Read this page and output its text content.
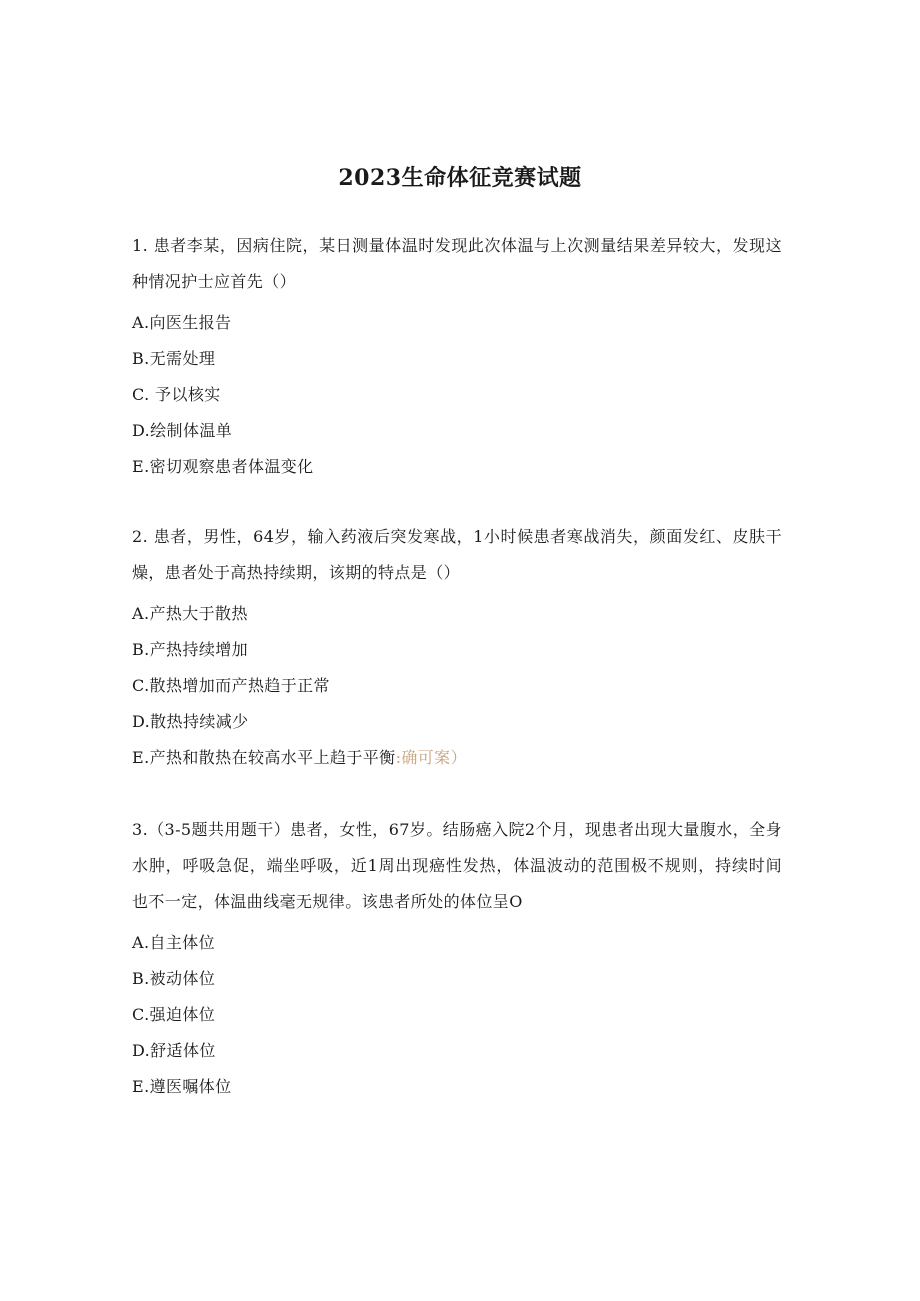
2023生命体征竞赛试题

1. 患者李某，因病住院，某日测量体温时发现此次体温与上次测量结果差异较大，发现这种情况护士应首先（）

A.向医生报告

B.无需处理

C. 予以核实

D.绘制体温单

E.密切观察患者体温变化

2. 患者，男性，64岁，输入药液后突发寒战，1小时候患者寒战消失，颜面发红、皮肤干燥，患者处于高热持续期，该期的特点是（）

A.产热大于散热

B.产热持续增加

C.散热增加而产热趋于正常

D.散热持续减少

E.产热和散热在较高水平上趋于平衡:确可案）

3.（3-5题共用题干）患者，女性，67岁。结肠癌入院2个月，现患者出现大量腹水，全身水肿，呼吸急促，端坐呼吸，近1周出现癌性发热，体温波动的范围极不规则，持续时间也不一定，体温曲线毫无规律。该患者所处的体位呈O

A.自主体位

B.被动体位

C.强迫体位

D.舒适体位

E.遵医嘱体位
